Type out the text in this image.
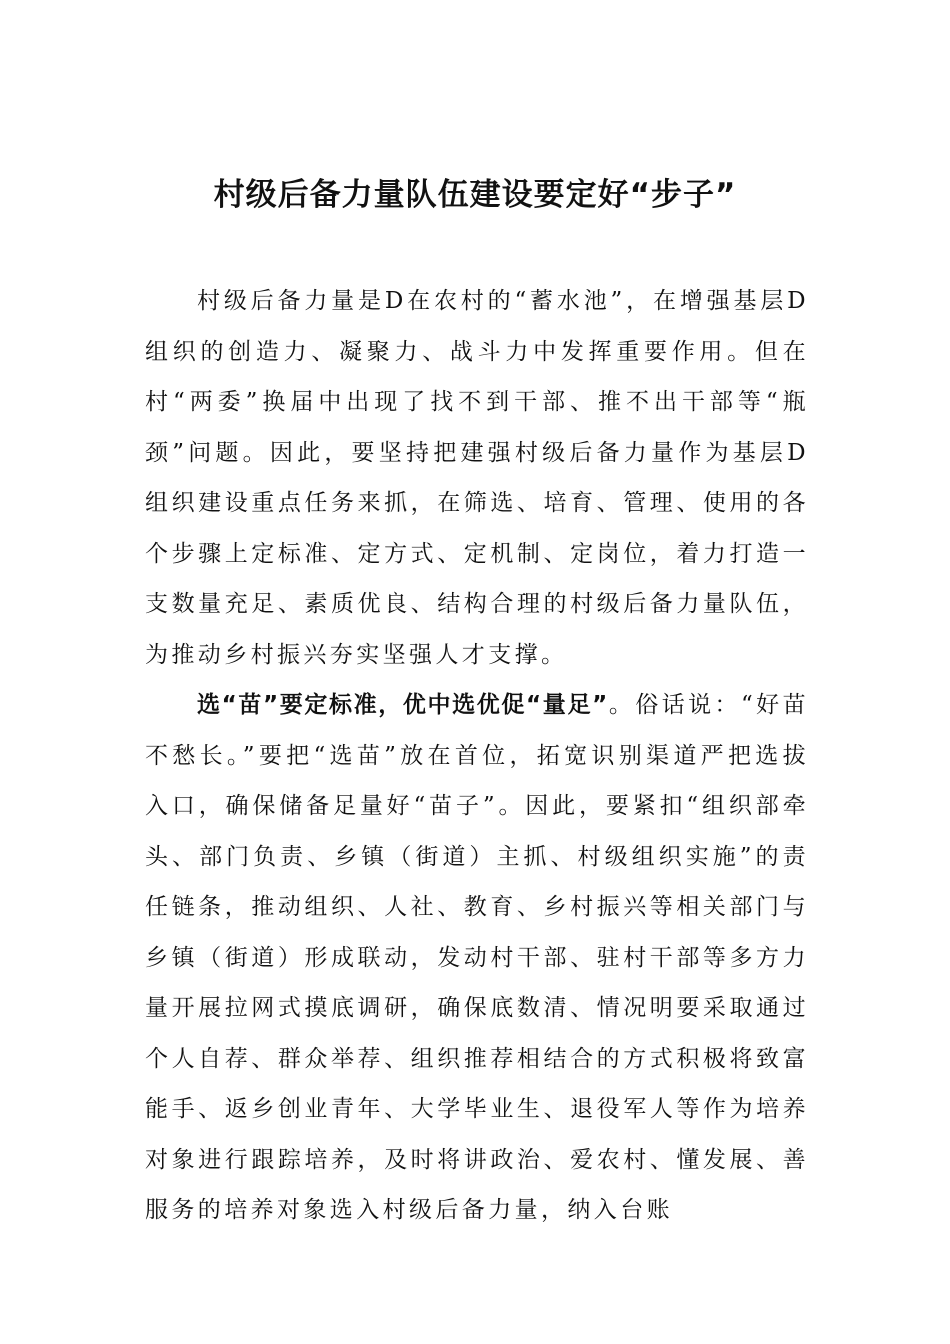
村级后备力量队伍建设要定好“步子”

村级后备力量是D在农村的“蓄水池”，在增强基层D组织的创造力、凝聚力、战斗力中发挥重要作用。但在村“两委”换届中出现了找不到干部、推不出干部等“瓶颈”问题。因此，要坚持把建强村级后备力量作为基层D组织建设重点任务来抓，在筛选、培育、管理、使用的各个步骤上定标准、定方式、定机制、定岗位，着力打造一支数量充足、素质优良、结构合理的村级后备力量队伍，为推动乡村振兴夯实坚强人才支撑。

选“苗”要定标准，优中选优促“量足”。俗话说：“好苗不愁长。”要把“选苗”放在首位，拓宽识别渠道严把选拔入口，确保储备足量好“苗子”。因此，要紧扣“组织部牵头、部门负责、乡镇（街道）主抓、村级组织实施”的责任链条，推动组织、人社、教育、乡村振兴等相关部门与乡镇（街道）形成联动，发动村干部、驻村干部等多方力量开展拉网式摸底调研，确保底数清、情况明要采取通过个人自荐、群众举荐、组织推荐相结合的方式积极将致富能手、返乡创业青年、大学毕业生、退役军人等作为培养对象进行跟踪培养，及时将讲政治、爱农村、懂发展、善服务的培养对象选入村级后备力量，纳入台账
